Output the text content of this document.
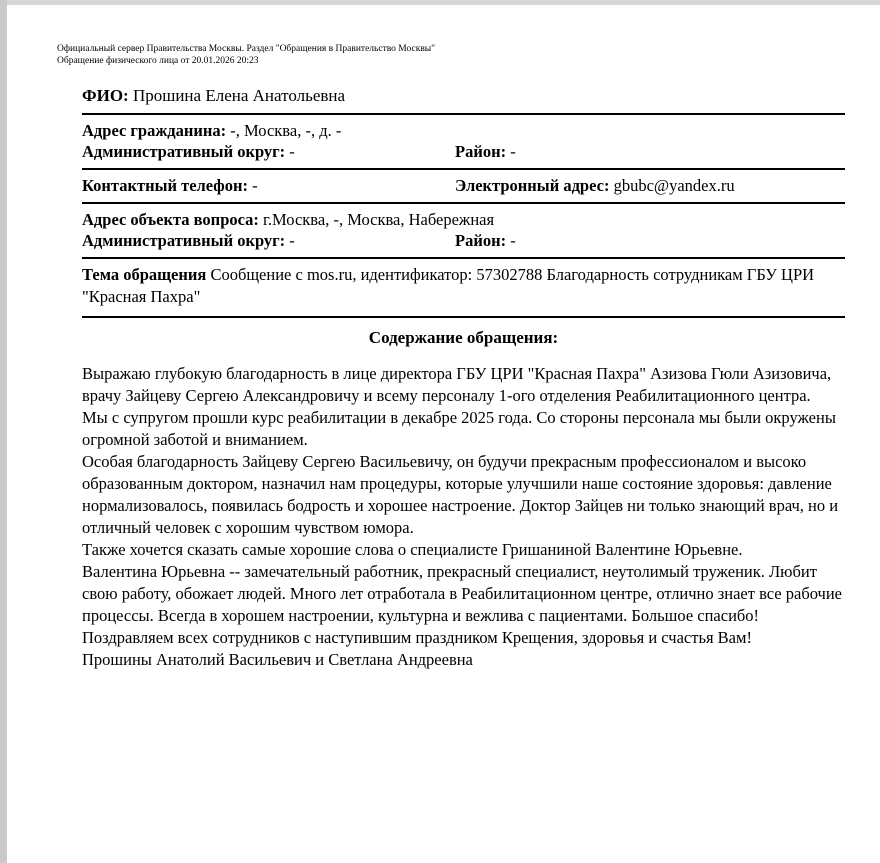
Официальный сервер Правительства Москвы. Раздел "Обращения в Правительство Москвы"
Обращение физического лица от 20.01.2026 20:23
ФИО: Прошина Елена Анатольевна
Адрес гражданина: -, Москва, -, д. -
Административный округ: -	Район: -
Контактный телефон: -	Электронный адрес: gbubc@yandex.ru
Адрес объекта вопроса: г.Москва, -, Москва, Набережная
Административный округ: -	Район: -
Тема обращения Сообщение с mos.ru, идентификатор: 57302788 Благодарность сотрудникам ГБУ ЦРИ "Красная Пахра"
Содержание обращения:
Выражаю глубокую благодарность в лице директора ГБУ ЦРИ "Красная Пахра" Азизова Гюли Азизовича, врачу Зайцеву Сергею Александровичу и всему персоналу 1-ого отделения Реабилитационного центра.
Мы с супругом прошли курс реабилитации в декабре 2025 года. Со стороны персонала мы были окружены огромной заботой и вниманием.
Особая благодарность Зайцеву Сергею Васильевичу, он будучи прекрасным профессионалом и высоко образованным доктором, назначил нам процедуры, которые улучшили наше состояние здоровья: давление нормализовалось, появилась бодрость и хорошее настроение. Доктор Зайцев ни только знающий врач, но и отличный человек с хорошим чувством юмора.
Также хочется сказать самые хорошие слова о специалисте Гришаниной Валентине Юрьевне.
Валентина Юрьевна -- замечательный работник, прекрасный специалист, неутолимый труженик. Любит свою работу, обожает людей. Много лет отработала в Реабилитационном центре, отлично знает все рабочие процессы. Всегда в хорошем настроении, культурна и вежлива с пациентами. Большое спасибо!
Поздравляем всех сотрудников с наступившим праздником Крещения, здоровья и счастья Вам!
Прошины Анатолий Васильевич и Светлана Андреевна
